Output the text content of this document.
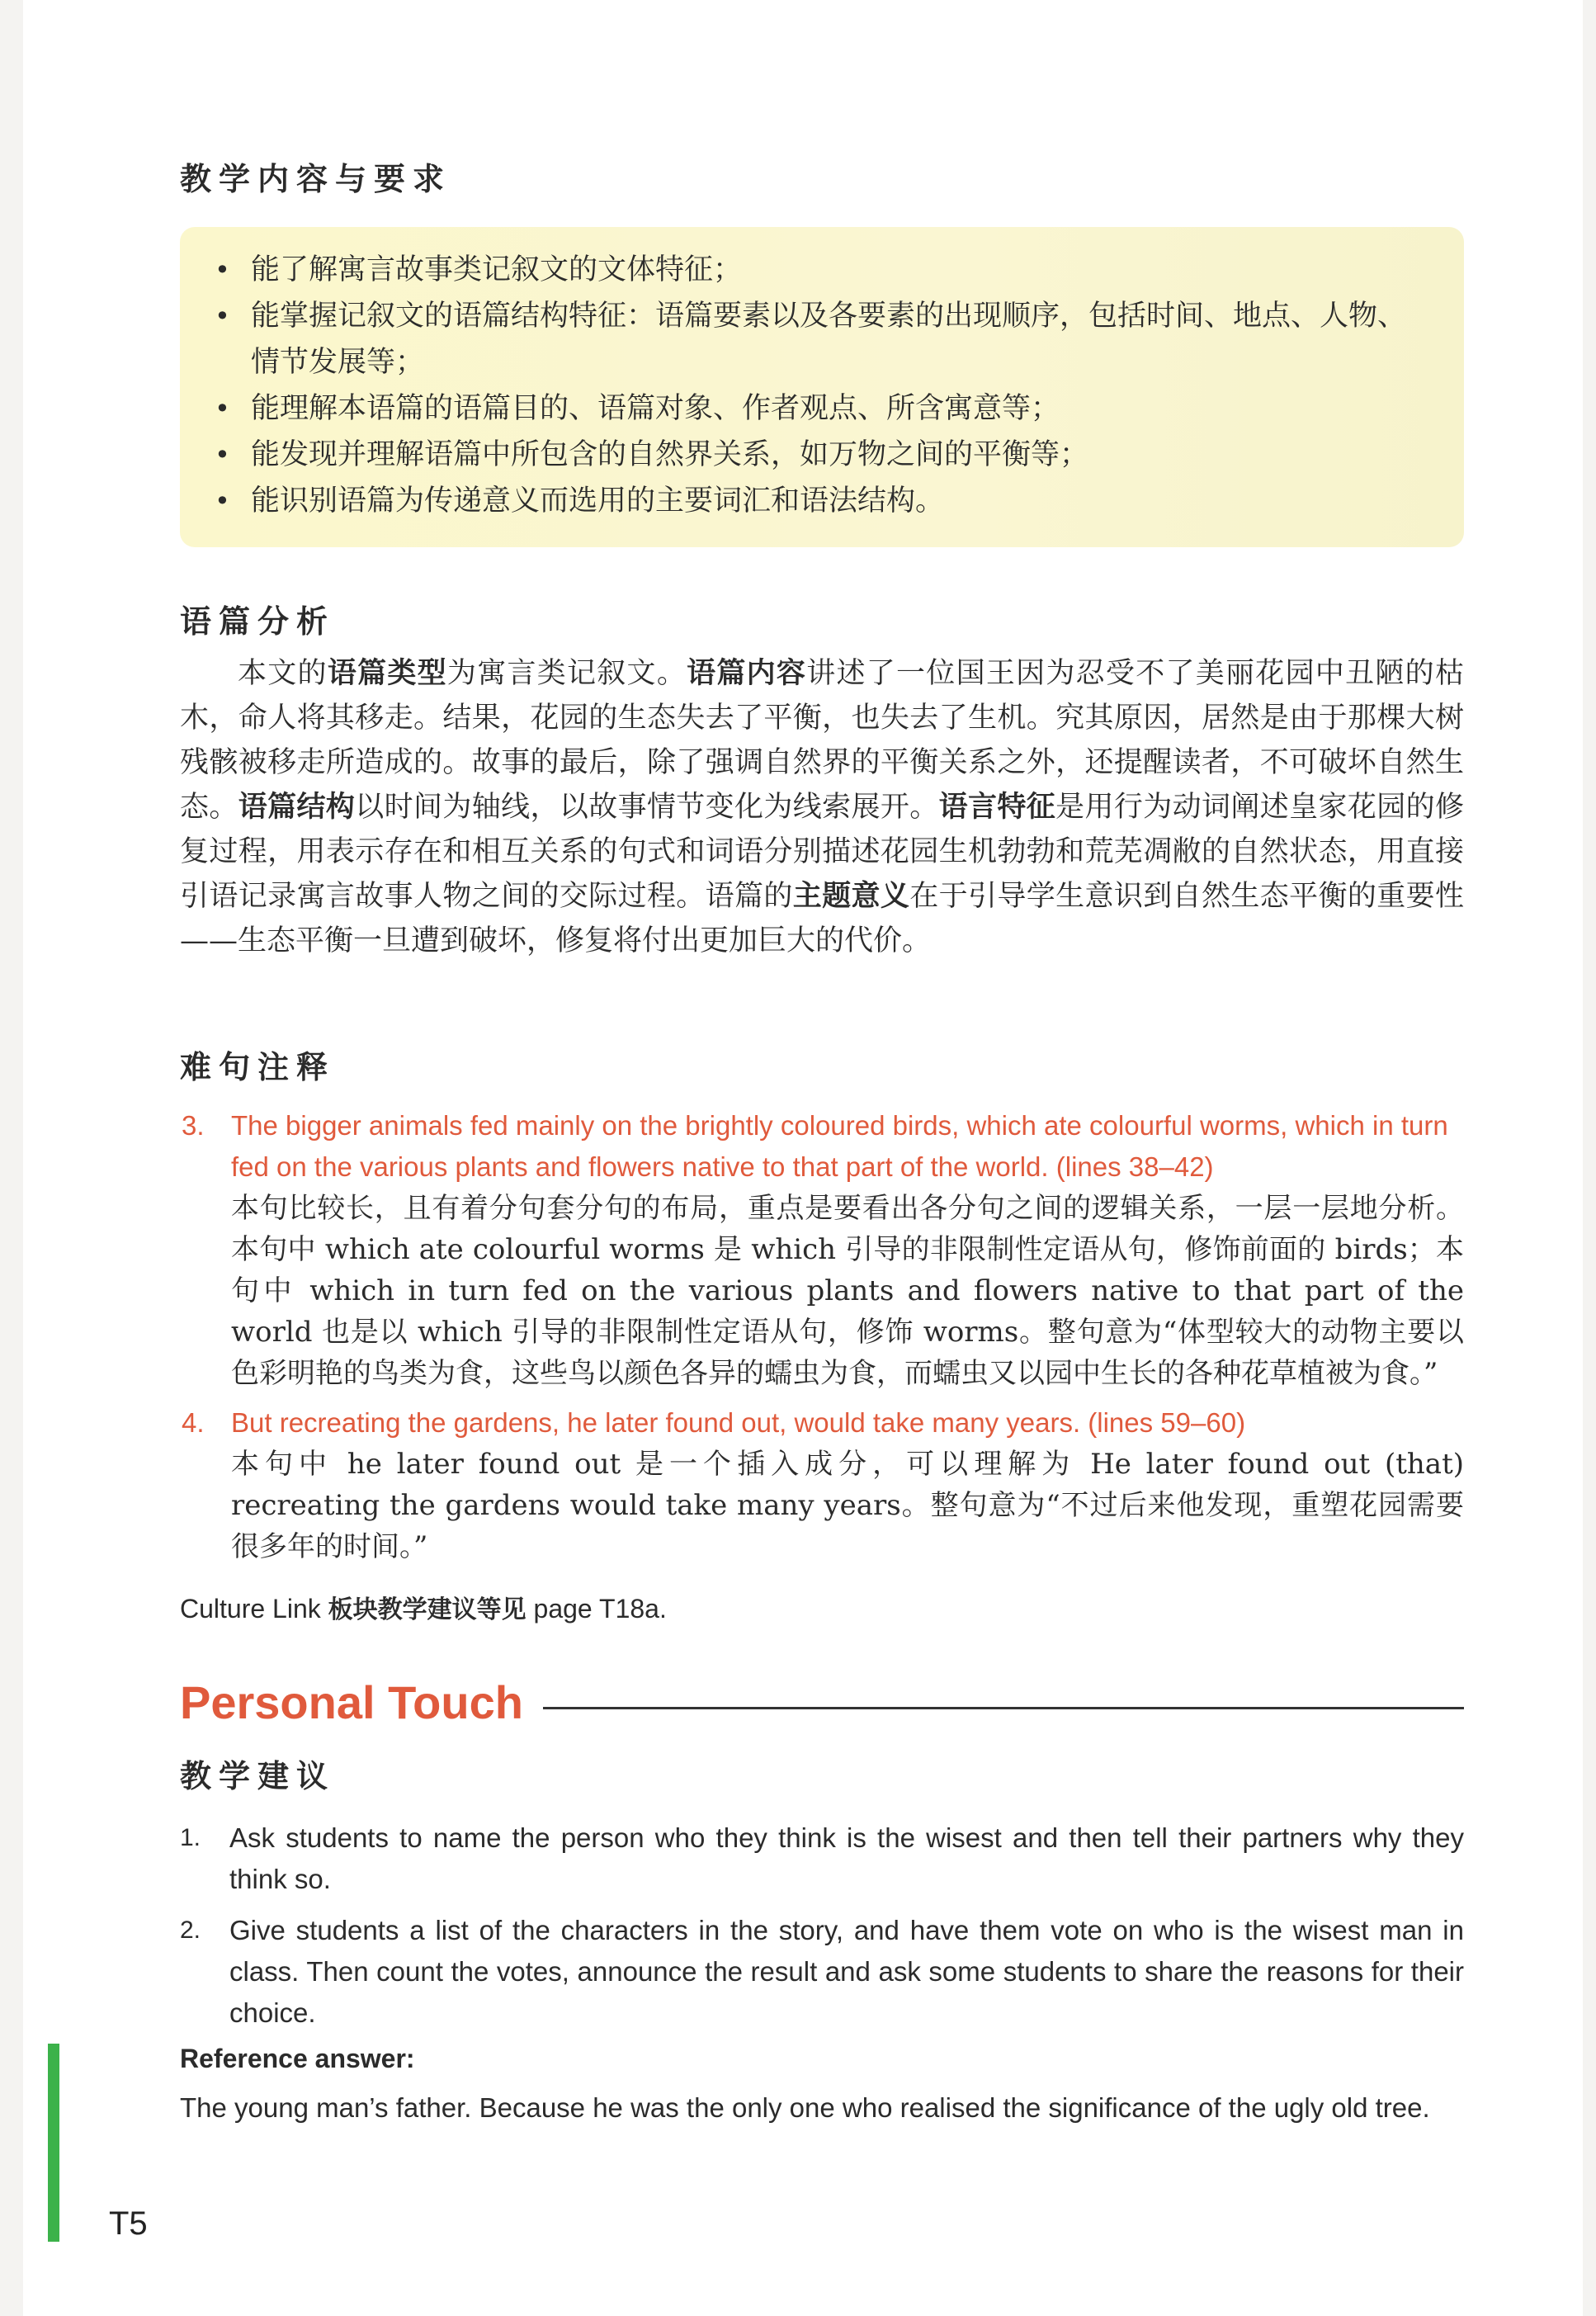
教学内容与要求
• 能了解寓言故事类记叙文的文体特征；
• 能掌握记叙文的语篇结构特征：语篇要素以及各要素的出现顺序，包括时间、地点、人物、情节发展等；
• 能理解本语篇的语篇目的、语篇对象、作者观点、所含寓意等；
• 能发现并理解语篇中所包含的自然界关系，如万物之间的平衡等；
• 能识别语篇为传递意义而选用的主要词汇和语法结构。
语篇分析

本文的语篇类型为寓言类记叙文。语篇内容讲述了一位国王因为忍受不了美丽花园中丑陋的枯木，命人将其移走。结果，花园的生态失去了平衡，也失去了生机。究其原因，居然是由于那棵大树残骸被移走所造成的。故事的最后，除了强调自然界的平衡关系之外，还提醒读者，不可破坏自然生态。语篇结构以时间为轴线，以故事情节变化为线索展开。语言特征是用行为动词阐述皇家花园的修复过程，用表示存在和相互关系的句式和词语分别描述花园生机勃勃和荒芜凋敝的自然状态，用直接引语记录寓言故事人物之间的交际过程。语篇的主题意义在于引导学生意识到自然生态平衡的重要性——生态平衡一旦遭到破坏，修复将付出更加巨大的代价。

难句注释
3. The bigger animals fed mainly on the brightly coloured birds, which ate colourful worms, which in turn fed on the various plants and flowers native to that part of the world. (lines 38–42)

本句比较长，且有着分句套分句的布局，重点是要看出各分句之间的逻辑关系，一层一层地分析。本句中 which ate colourful worms 是 which 引导的非限制性定语从句，修饰前面的 birds；本句中 which in turn fed on the various plants and flowers native to that part of the world 也是以 which 引导的非限制性定语从句，修饰 worms。整句意为“体型较大的动物主要以色彩明艳的鸟类为食，这些鸟以颜色各异的蠕虫为食，而蠕虫又以园中生长的各种花草植被为食。”

4. But recreating the gardens, he later found out, would take many years. (lines 59–60)

本句中 he later found out 是一个插入成分，可以理解为 He later found out (that) recreating the gardens would take many years。整句意为“不过后来他发现，重塑花园需要很多年的时间。”

Culture Link 板块教学建议等见 page T18a.

Personal Touch
教学建议
1. Ask students to name the person who they think is the wisest and then tell their partners why they think so.
2. Give students a list of the characters in the story, and have them vote on who is the wisest man in class. Then count the votes, announce the result and ask some students to share the reasons for their choice.

Reference answer:

The young man’s father. Because he was the only one who realised the significance of the ugly old tree.

T5
